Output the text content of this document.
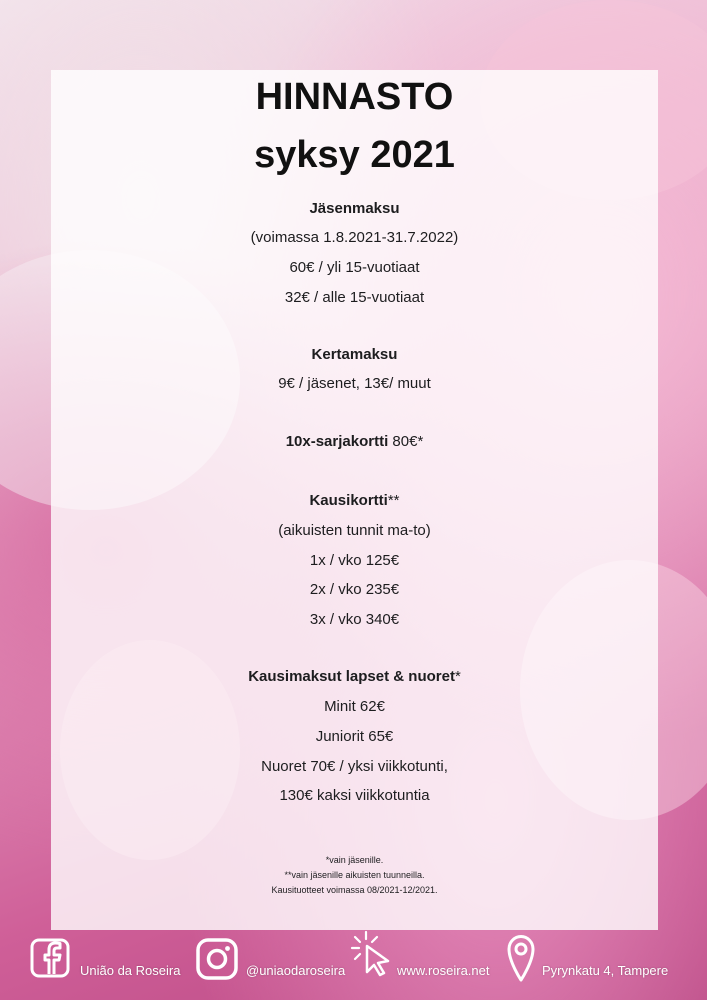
HINNASTO
syksy 2021
Jäsenmaksu
(voimassa 1.8.2021-31.7.2022)
60€ / yli 15-vuotiaat
32€ / alle 15-vuotiaat
Kertamaksu
9€ / jäsenet, 13€/ muut
10x-sarjakortti 80€*
Kausikortti**
(aikuisten tunnit ma-to)
1x / vko 125€
2x / vko 235€
3x / vko 340€
Kausimaksut lapset & nuoret*
Minit 62€
Juniorit 65€
Nuoret 70€ / yksi viikkotunti,
130€ kaksi viikkotuntia
*vain jäsenille.
**vain jäsenille aikuisten tuunneilla.
Kausituotteet voimassa 08/2021-12/2021.
União da Roseira	@uniaodaroseira	www.roseira.net	Pyrynkatu 4, Tampere
